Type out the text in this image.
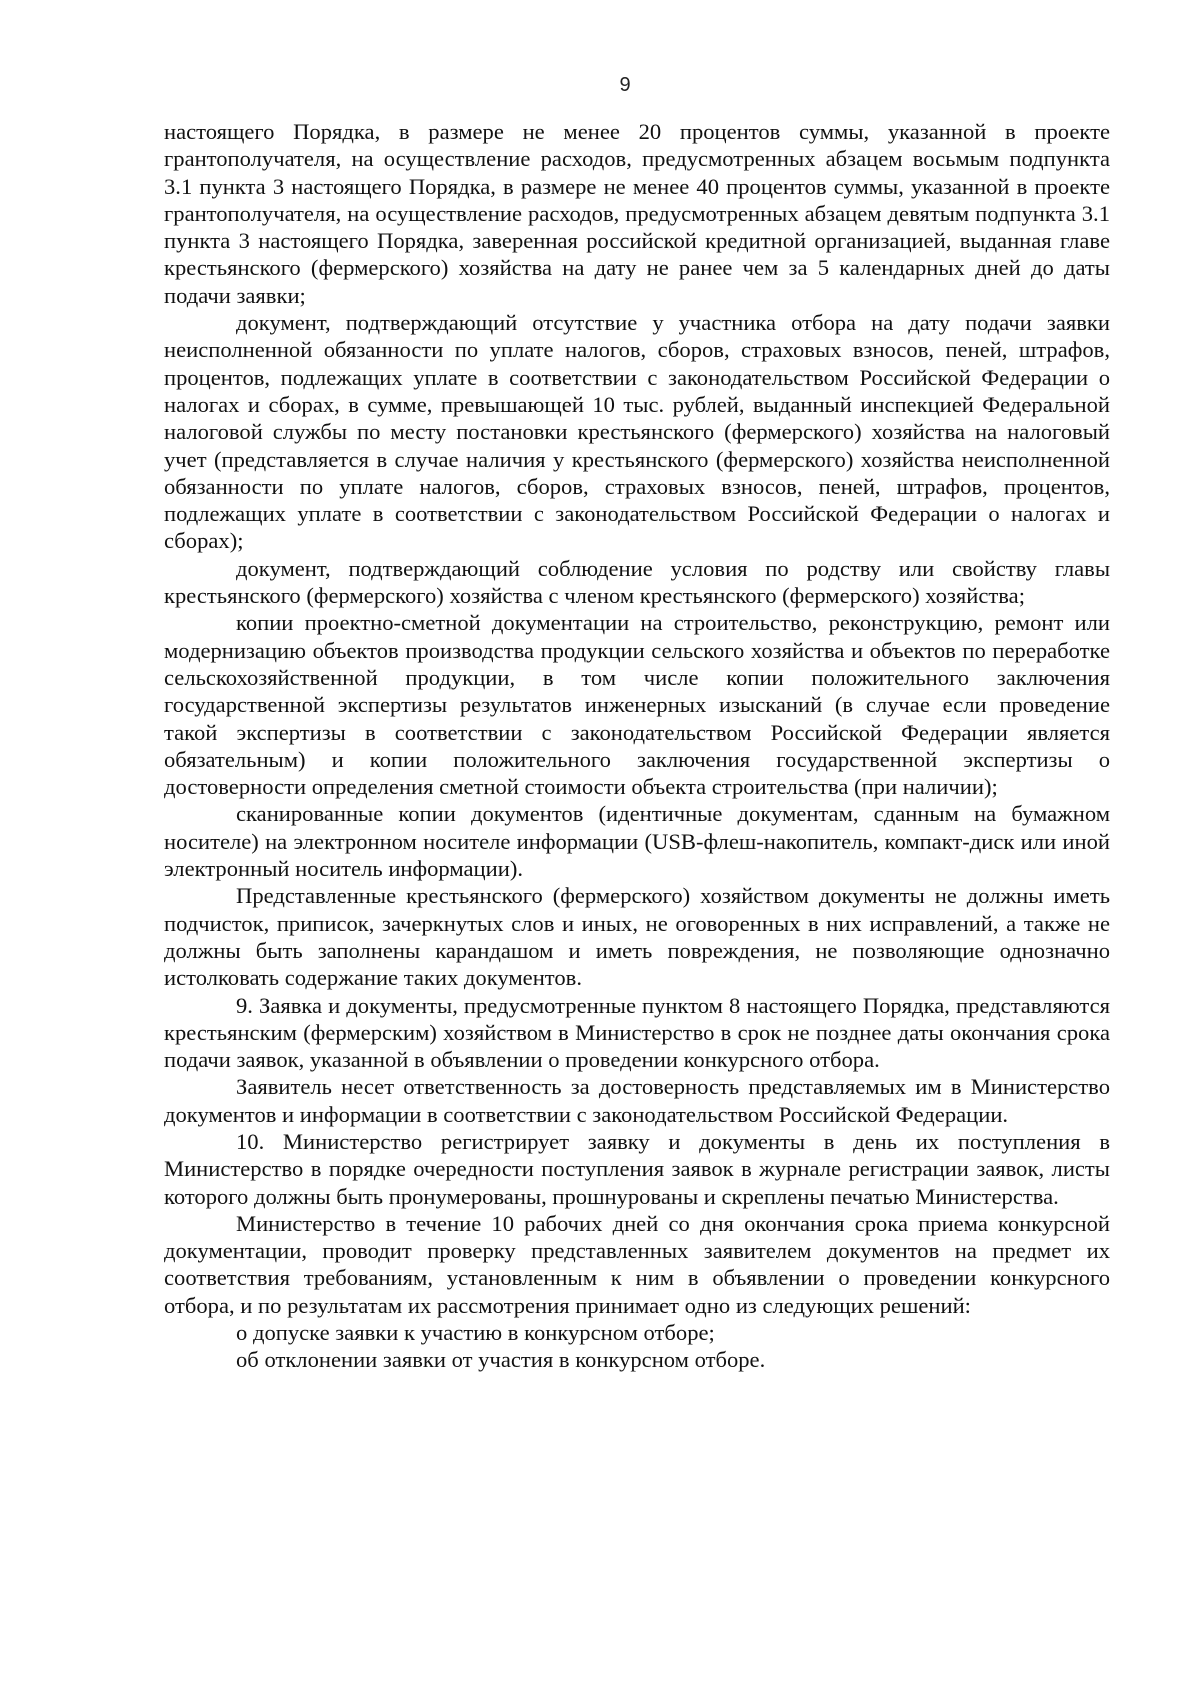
9

настоящего Порядка, в размере не менее 20 процентов суммы, указанной в проекте грантополучателя, на осуществление расходов, предусмотренных абзацем восьмым подпункта 3.1 пункта 3 настоящего Порядка, в размере не менее 40 процентов суммы, указанной в проекте грантополучателя, на осуществление расходов, предусмотренных абзацем девятым подпункта 3.1 пункта 3 настоящего Порядка, заверенная российской кредитной организацией, выданная главе крестьянского (фермерского) хозяйства на дату не ранее чем за 5 календарных дней до даты подачи заявки;

документ, подтверждающий отсутствие у участника отбора на дату подачи заявки неисполненной обязанности по уплате налогов, сборов, страховых взносов, пеней, штрафов, процентов, подлежащих уплате в соответствии с законодательством Российской Федерации о налогах и сборах, в сумме, превышающей 10 тыс. рублей, выданный инспекцией Федеральной налоговой службы по месту постановки крестьянского (фермерского) хозяйства на налоговый учет (представляется в случае наличия у крестьянского (фермерского) хозяйства неисполненной обязанности по уплате налогов, сборов, страховых взносов, пеней, штрафов, процентов, подлежащих уплате в соответствии с законодательством Российской Федерации о налогах и сборах);

документ, подтверждающий соблюдение условия по родству или свойству главы крестьянского (фермерского) хозяйства с членом крестьянского (фермерского) хозяйства;

копии проектно-сметной документации на строительство, реконструкцию, ремонт или модернизацию объектов производства продукции сельского хозяйства и объектов по переработке сельскохозяйственной продукции, в том числе копии положительного заключения государственной экспертизы результатов инженерных изысканий (в случае если проведение такой экспертизы в соответствии с законодательством Российской Федерации является обязательным) и копии положительного заключения государственной экспертизы о достоверности определения сметной стоимости объекта строительства (при наличии);

сканированные копии документов (идентичные документам, сданным на бумажном носителе) на электронном носителе информации (USB-флеш-накопитель, компакт-диск или иной электронный носитель информации).

Представленные крестьянского (фермерского) хозяйством документы не должны иметь подчисток, приписок, зачеркнутых слов и иных, не оговоренных в них исправлений, а также не должны быть заполнены карандашом и иметь повреждения, не позволяющие однозначно истолковать содержание таких документов.

9. Заявка и документы, предусмотренные пунктом 8 настоящего Порядка, представляются крестьянским (фермерским) хозяйством в Министерство в срок не позднее даты окончания срока подачи заявок, указанной в объявлении о проведении конкурсного отбора.

Заявитель несет ответственность за достоверность представляемых им в Министерство документов и информации в соответствии с законодательством Российской Федерации.

10. Министерство регистрирует заявку и документы в день их поступления в Министерство в порядке очередности поступления заявок в журнале регистрации заявок, листы которого должны быть пронумерованы, прошнурованы и скреплены печатью Министерства.

Министерство в течение 10 рабочих дней со дня окончания срока приема конкурсной документации, проводит проверку представленных заявителем документов на предмет их соответствия требованиям, установленным к ним в объявлении о проведении конкурсного отбора, и по результатам их рассмотрения принимает одно из следующих решений:

о допуске заявки к участию в конкурсном отборе;

об отклонении заявки от участия в конкурсном отборе.
